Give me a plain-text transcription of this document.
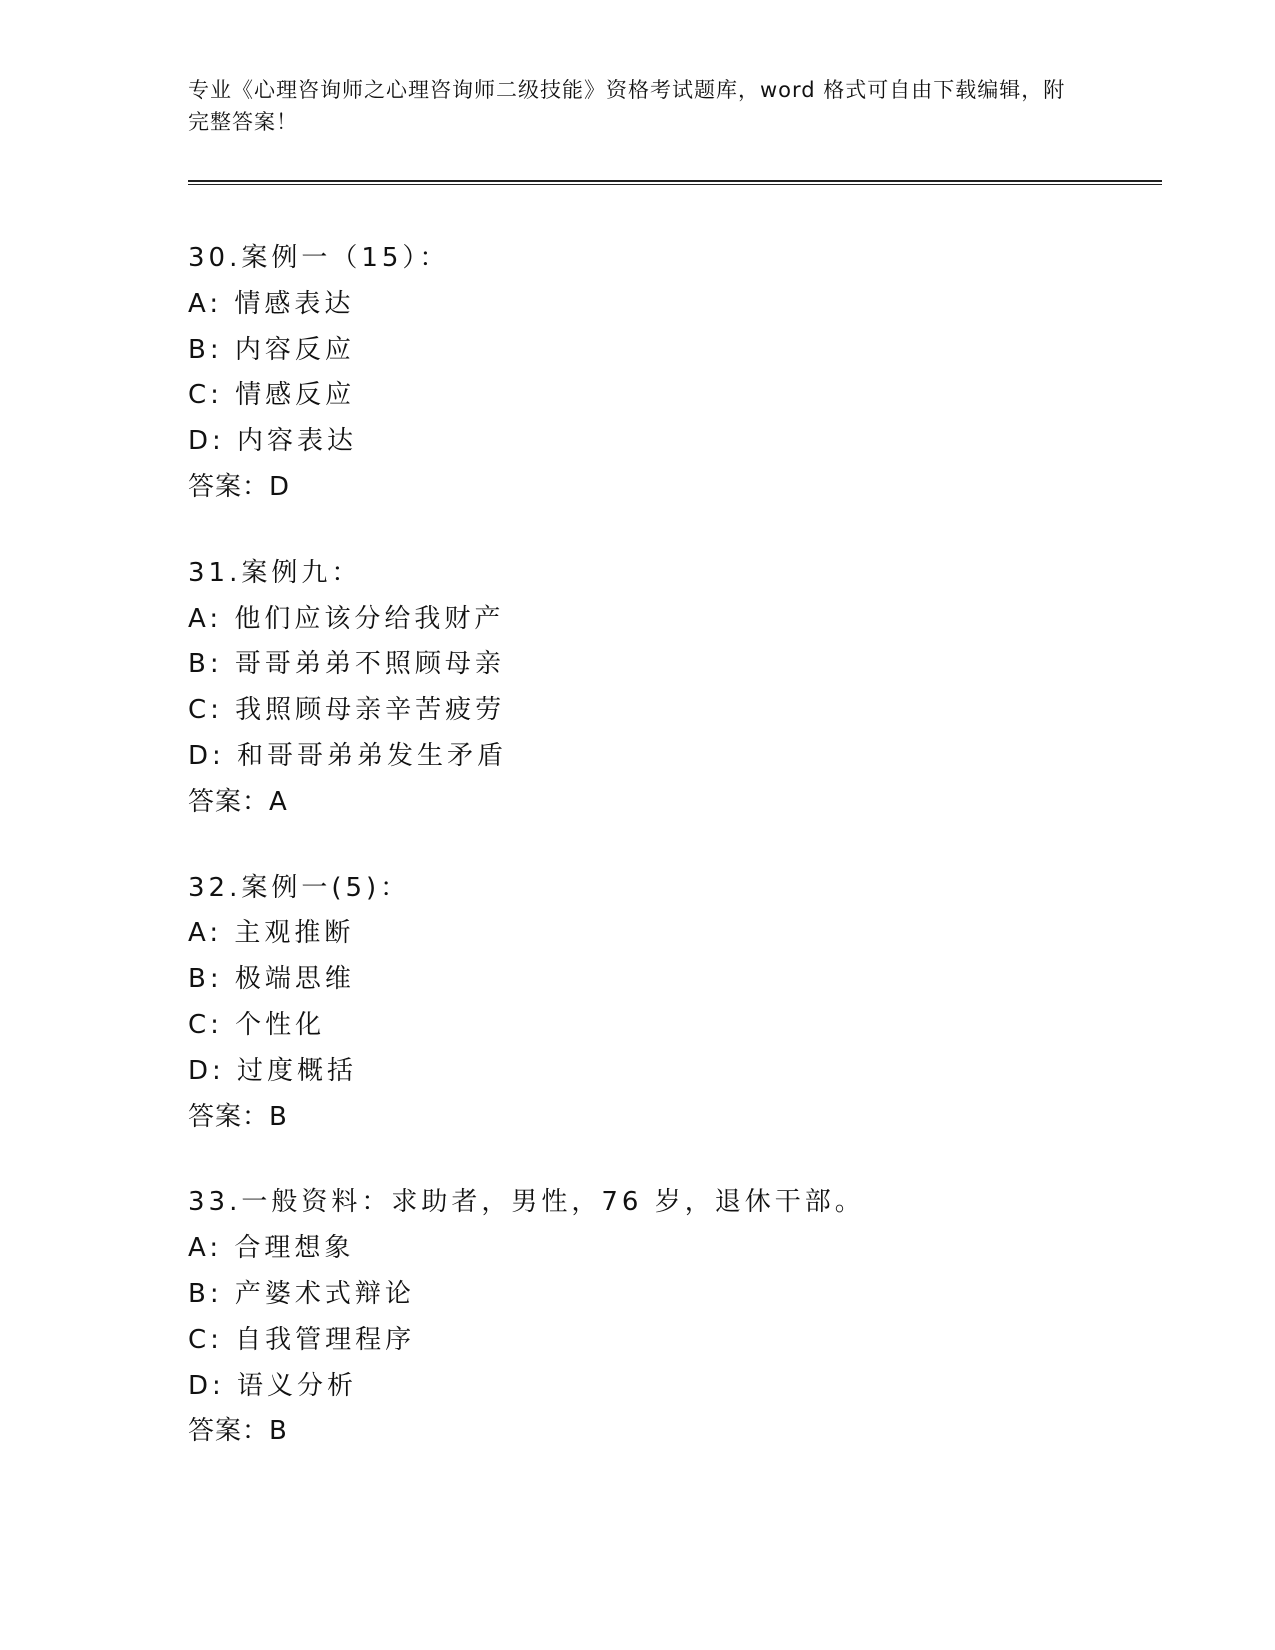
专业《心理咨询师之心理咨询师二级技能》资格考试题库，word 格式可自由下载编辑，附完整答案！
30.案例一（15）：
A: 情感表达
B: 内容反应
C: 情感反应
D: 内容表达
答案：D
31.案例九：
A: 他们应该分给我财产
B: 哥哥弟弟不照顾母亲
C: 我照顾母亲辛苦疲劳
D: 和哥哥弟弟发生矛盾
答案：A
32.案例一(5)：
A: 主观推断
B: 极端思维
C: 个性化
D: 过度概括
答案：B
33.一般资料：求助者，男性，76 岁，退休干部。
A: 合理想象
B: 产婆术式辩论
C: 自我管理程序
D: 语义分析
答案：B
